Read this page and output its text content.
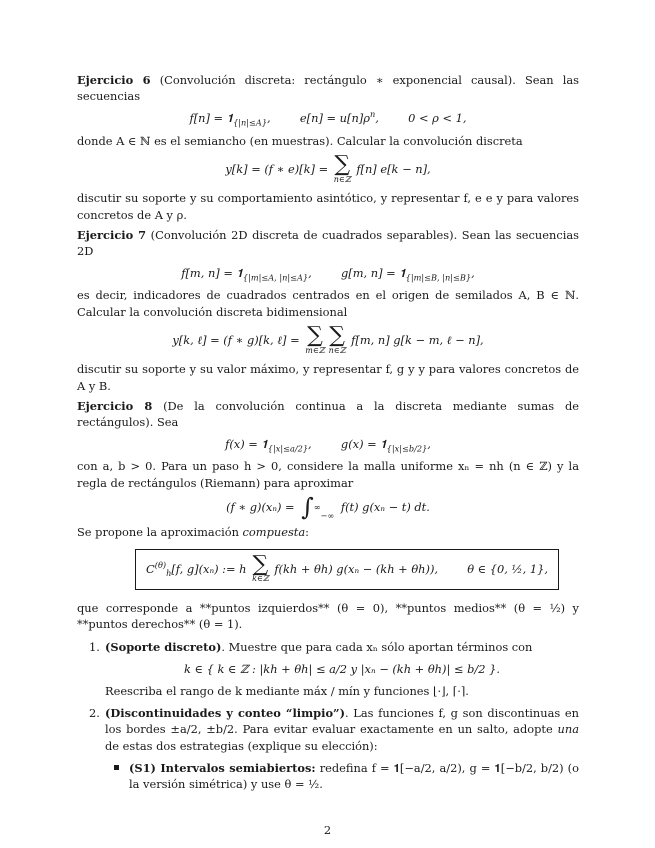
Ejercicio 6 (Convolución discreta: rectángulo ∗ exponencial causal). Sean las secuencias

$f[n] = 𝟏_{\{|n|\le A\}}$,  $e[n] = u[n]\rho^n$,  0 < ρ < 1,

donde A ∈ ℕ es el semiancho (en muestras). Calcular la convolución discreta

y[k] = (f ∗ e)[k] = ∑
n∈ℤ
f[n] e[k − n],

discutir su soporte y su comportamiento asintótico, y representar f, e e y para valores concretos de A y ρ.

Ejercicio 7 (Convolución 2D discreta de cuadrados separables). Sean las secuencias 2D

f[m, $n] = 𝟏_{\{|m|\le A, |n|\le A\}}$,  g[m, $n] = 𝟏_{\{|m|\le B, |n|\le B\}}$,

es decir, indicadores de cuadrados centrados en el origen de semilados A, B ∈ ℕ. Calcular la convolución discreta bidimensional

y[k, ℓ] = (f ∗ g)[k, ℓ] = ∑
m∈ℤ
∑
n∈ℤ
f[m, n] g[k − m, ℓ − n],

discutir su soporte y su valor máximo, y representar f, g y y para valores concretos de A y B.

Ejercicio 8 (De la convolución continua a la discreta mediante sumas de rectángulos). Sea

$f(x) = 𝟏_{\{|x|\le a/2\}}$,  $g(x) = 𝟏_{\{|x|\le b/2\}}$,

con a, b > 0. Para un paso h > 0, considere la malla uniforme xₙ = nh (n ∈ ℤ) y la regla de rectángulos (Riemann) para aproximar

(f ∗ $g)(x_n) = \int^\infty_{-\infty}$ f(t) g(xₙ − t) dt.

Se propone la aproximación compuesta:

$C^{(\theta)}_h[f$, g](xₙ) := h ∑
k∈ℤ
f(kh + θh) g(xₙ − (kh + θh)),	θ ∈ {0, ½, 1},

que corresponde a **puntos izquierdos** (θ = 0), **puntos medios** (θ = ½) y **puntos derechos** (θ = 1).

1. (Soporte discreto). Muestre que para cada xₙ sólo aportan términos con

k ∈ { k ∈ ℤ : |kh + θh| ≤ a/2 y |xₙ − (kh + θh)| ≤ b/2 }.

Reescriba el rango de k mediante máx / mín y funciones ⌊·⌋, ⌈·⌉.

2. (Discontinuidades y conteo “limpio”). Las funciones f, g son discontinuas en los bordes ±a/2, ±b/2. Para evitar evaluar exactamente en un salto, adopte una de estas dos estrategias (explique su elección):

(S1) Intervalos semiabiertos: redefina f = 𝟏[−a/2, a/2), g = 𝟏[−b/2, b/2) (o la versión simétrica) y use θ = ½.

2
